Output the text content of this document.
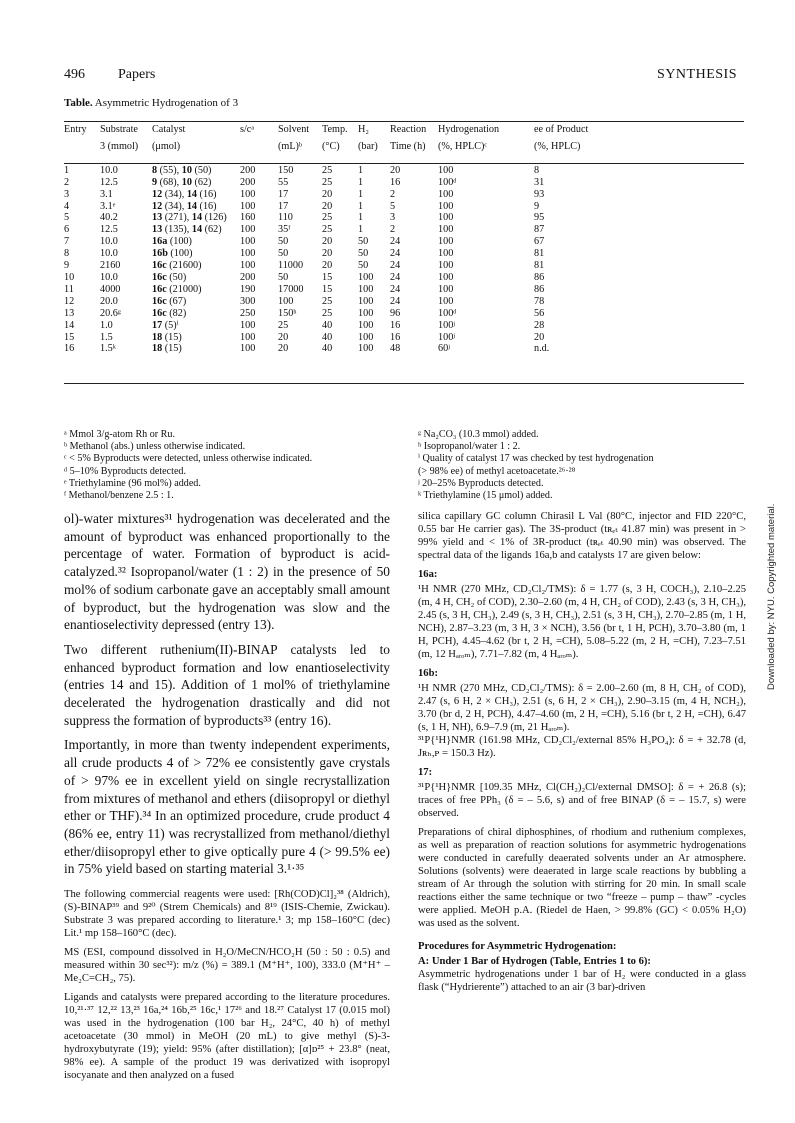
496 Papers	SYNTHESIS
Table. Asymmetric Hydrogenation of 3
Entry	Substrate	Catalyst	s/cᵃ	Solvent	Temp.	H₂	Reaction	Hydrogenation	ee of Product
	3 (mmol)	(μmol)		(mL)ᵇ	(°C)	(bar)	Time (h)	(%, HPLC)ᶜ	(%, HPLC)
1	10.0	8 (55), 10 (50)	200	150	25	1	20	100	8
2	12.5	9 (68), 10 (62)	200	55	25	1	16	100ᵈ	31
3	3.1	12 (34), 14 (16)	100	17	20	1	2	100	93
4	3.1ᵉ	12 (34), 14 (16)	100	17	20	1	5	100	9
5	40.2	13 (271), 14 (126)	160	110	25	1	3	100	95
6	12.5	13 (135), 14 (62)	100	35ᶠ	25	1	2	100	87
7	10.0	16a (100)	100	50	20	50	24	100	67
8	10.0	16b (100)	100	50	20	50	24	100	81
9	2160	16c (21600)	100	11000	20	50	24	100	81
10	10.0	16c (50)	200	50	15	100	24	100	86
11	4000	16c (21000)	190	17000	15	100	24	100	86
12	20.0	16c (67)	300	100	25	100	24	100	78
13	20.6ᵍ	16c (82)	250	150ʰ	25	100	96	100ᵈ	56
14	1.0	17 (5)ⁱ	100	25	40	100	16	100ʲ	28
15	1.5	18 (15)	100	20	40	100	16	100ʲ	20
16	1.5ᵏ	18 (15)	100	20	40	100	48	60ʲ	n.d.
ᵃ Mmol 3/g-atom Rh or Ru.
ᵇ Methanol (abs.) unless otherwise indicated.
ᶜ < 5% Byproducts were detected, unless otherwise indicated.
ᵈ 5–10% Byproducts detected.
ᵉ Triethylamine (96 mol%) added.
ᶠ Methanol/benzene 2.5 : 1.
ᵍ Na₂CO₃ (10.3 mmol) added.
ʰ Isopropanol/water 1 : 2.
ⁱ Quality of catalyst 17 was checked by test hydrogenation
(> 98% ee) of methyl acetoacetate.²⁶·²⁸
ʲ 20–25% Byproducts detected.
ᵏ Triethylamine (15 μmol) added.

ol)-water mixtures³¹ hydrogenation was decelerated and the amount of byproduct was enhanced proportionally to the percentage of water. Formation of byproduct is acid-catalyzed.³² Isopropanol/water (1 : 2) in the presence of 50 mol% of sodium carbonate gave an acceptably small amount of byproduct, but the hydrogenation was slow and the enantioselectivity depressed (entry 13).

Two different ruthenium(II)-BINAP catalysts led to enhanced byproduct formation and low enantioselectivity (entries 14 and 15). Addition of 1 mol% of triethylamine decelerated the hydrogenation drastically and did not suppress the formation of byproducts³³ (entry 16).

Importantly, in more than twenty independent experiments, all crude products 4 of > 72% ee consistently gave crystals of > 97% ee in excellent yield on single recrystallization from mixtures of methanol and ethers (diisopropyl or diethyl ether or THF).³⁴ In an optimized procedure, crude product 4 (86% ee, entry 11) was recrystallized from methanol/diethyl ether/diisopropyl ether to give optically pure 4 (> 99.5% ee) in 75% yield based on starting material 3.¹·³⁵

The following commercial reagents were used: [Rh(COD)Cl]₂³⁸ (Aldrich), (S)-BINAP³⁹ and 9²⁰ (Strem Chemicals) and 8¹⁹ (ISIS-Chemie, Zwickau). Substrate 3 was prepared according to literature.¹ 3; mp 158–160°C (dec) Lit.¹ mp 158–160°C (dec).

MS (ESI, compound dissolved in H₂O/MeCN/HCO₂H (50 : 50 : 0.5) and measured within 30 sec³²): m/z (%) = 389.1 (M⁺H⁺, 100), 333.0 (M⁺H⁺ – Me₂C=CH₂, 75).

Ligands and catalysts were prepared according to the literature procedures. 10,²¹·³⁷ 12,²² 13,²³ 16a,²⁴ 16b,²⁵ 16c,¹ 17²⁶ and 18.²⁷ Catalyst 17 (0.015 mol) was used in the hydrogenation (100 bar H₂, 24°C, 40 h) of methyl acetoacetate (30 mmol) in MeOH (20 mL) to give methyl (S)-3-hydroxybutyrate (19); yield: 95% (after distillation); [α]ᴅ²⁵ + 23.8° (neat, 98% ee). A sample of the product 19 was derivatized with isopropyl isocyanate and then analyzed on a fused

silica capillary GC column Chirasil L Val (80°C, injector and FID 220°C, 0.55 bar He carrier gas). The 3S-product (tʀₑₜ 41.87 min) was present in > 99% yield and < 1% of 3R-product (tʀₑₜ 40.90 min) was observed. The spectral data of the ligands 16a,b and catalysts 17 are given below:

16a:

¹H NMR (270 MHz, CD₂Cl₂/TMS): δ = 1.77 (s, 3 H, COCH₃), 2.10–2.25 (m, 4 H, CH₂ of COD), 2.30–2.60 (m, 4 H, CH₂ of COD), 2.43 (s, 3 H, CH₃), 2.45 (s, 3 H, CH₃), 2.49 (s, 3 H, CH₃), 2.51 (s, 3 H, CH₃), 2.70–2.85 (m, 1 H, NCH), 2.87–3.23 (m, 3 H, 3 × NCH), 3.56 (br t, 1 H, PCH), 3.70–3.80 (m, 1 H, PCH), 4.45–4.62 (br t, 2 H, =CH), 5.08–5.22 (m, 2 H, =CH), 7.23–7.51 (m, 12 Hₐᵣₒₘ), 7.71–7.82 (m, 4 Hₐᵣₒₘ).

16b:

¹H NMR (270 MHz, CD₂Cl₂/TMS): δ = 2.00–2.60 (m, 8 H, CH₂ of COD), 2.47 (s, 6 H, 2 × CH₃), 2.51 (s, 6 H, 2 × CH₃), 2.90–3.15 (m, 4 H, NCH₂), 3.70 (br d, 2 H, PCH), 4.47–4.60 (m, 2 H, =CH), 5.16 (br t, 2 H, =CH), 6.47 (s, 1 H, NH), 6.9–7.9 (m, 21 Hₐᵣₒₘ).

³¹P{¹H}NMR (161.98 MHz, CD₂Cl₂/external 85% H₃PO₄): δ = + 32.78 (d, Jʀₕ,ᴘ = 150.3 Hz).

17:

³¹P{¹H}NMR [109.35 MHz, Cl(CH₂)₂Cl/external DMSO]: δ = + 26.8 (s); traces of free PPh₃ (δ = – 5.6, s) and of free BINAP (δ = – 15.7, s) were observed.

Preparations of chiral diphosphines, of rhodium and ruthenium complexes, as well as preparation of reaction solutions for asymmetric hydrogenations were conducted in carefully deaerated solvents under an Ar atmosphere. Solutions (solvents) were deaerated in large scale reactions by bubbling a stream of Ar through the solution with stirring for 20 min. In small scale reactions either the same technique or two “freeze – pump – thaw” -cycles were applied. MeOH p.A. (Riedel de Haen, > 99.8% (GC) < 0.05% H₂O) was used as the solvent.

Procedures for Asymmetric Hydrogenation:
A: Under 1 Bar of Hydrogen (Table, Entries 1 to 6):

Asymmetric hydrogenations under 1 bar of H₂ were conducted in a glass flask (“Hydrierente”) attached to an air (3 bar)-driven

Downloaded by: NYU. Copyrighted material.
